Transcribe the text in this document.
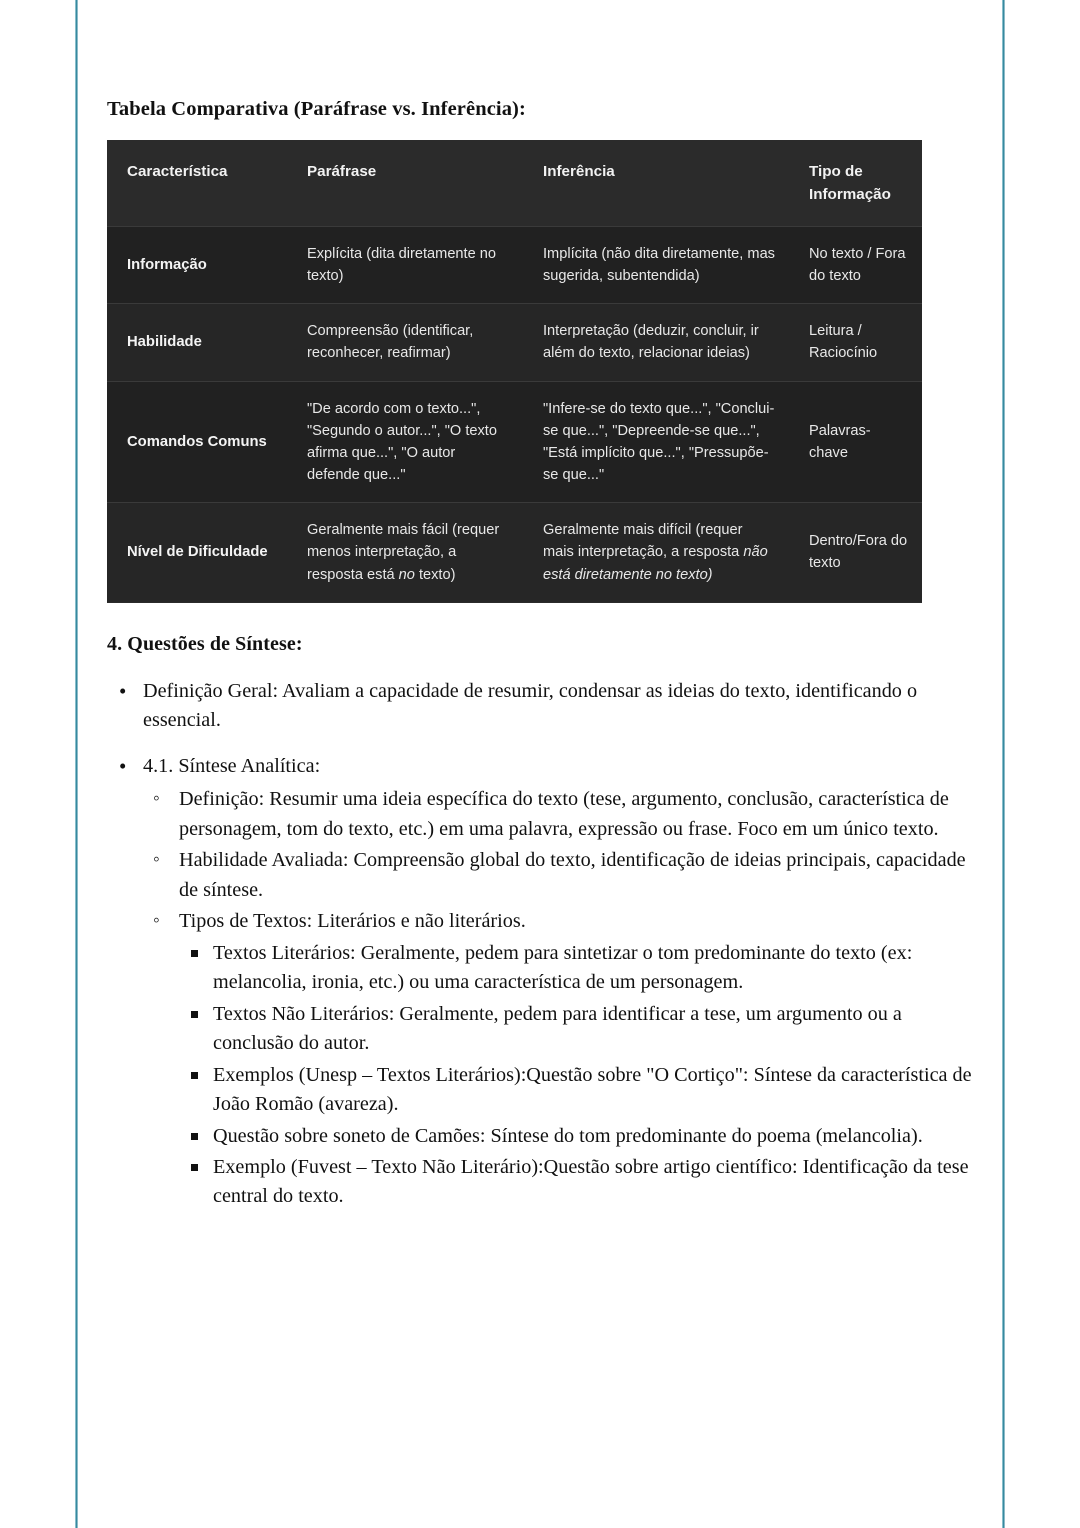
Tabela Comparativa (Paráfrase vs. Inferência):
Característica	Paráfrase	Inferência	Tipo de Informação
Informação	Explícita (dita diretamente no texto)	Implícita (não dita diretamente, mas sugerida, subentendida)	No texto / Fora do texto
Habilidade	Compreensão (identificar, reconhecer, reafirmar)	Interpretação (deduzir, concluir, ir além do texto, relacionar ideias)	Leitura / Raciocínio
Comandos Comuns	"De acordo com o texto...", "Segundo o autor...", "O texto afirma que...", "O autor defende que..."	"Infere-se do texto que...", "Conclui-se que...", "Depreende-se que...", "Está implícito que...", "Pressupõe-se que..."	Palavras-chave
Nível de Dificuldade	Geralmente mais fácil (requer menos interpretação, a resposta está no texto)	Geralmente mais difícil (requer mais interpretação, a resposta não está diretamente no texto)	Dentro/Fora do texto
4. Questões de Síntese:
• Definição Geral: Avaliam a capacidade de resumir, condensar as ideias do texto, identificando o essencial.
• 4.1. Síntese Analítica:
◦ Definição: Resumir uma ideia específica do texto (tese, argumento, conclusão, característica de personagem, tom do texto, etc.) em uma palavra, expressão ou frase. Foco em um único texto.
◦ Habilidade Avaliada: Compreensão global do texto, identificação de ideias principais, capacidade de síntese.
◦ Tipos de Textos: Literários e não literários.
Textos Literários: Geralmente, pedem para sintetizar o tom predominante do texto (ex: melancolia, ironia, etc.) ou uma característica de um personagem.
Textos Não Literários: Geralmente, pedem para identificar a tese, um argumento ou a conclusão do autor.
Exemplos (Unesp – Textos Literários):Questão sobre "O Cortiço": Síntese da característica de João Romão (avareza).
Questão sobre soneto de Camões: Síntese do tom predominante do poema (melancolia).
Exemplo (Fuvest – Texto Não Literário):Questão sobre artigo científico: Identificação da tese central do texto.
